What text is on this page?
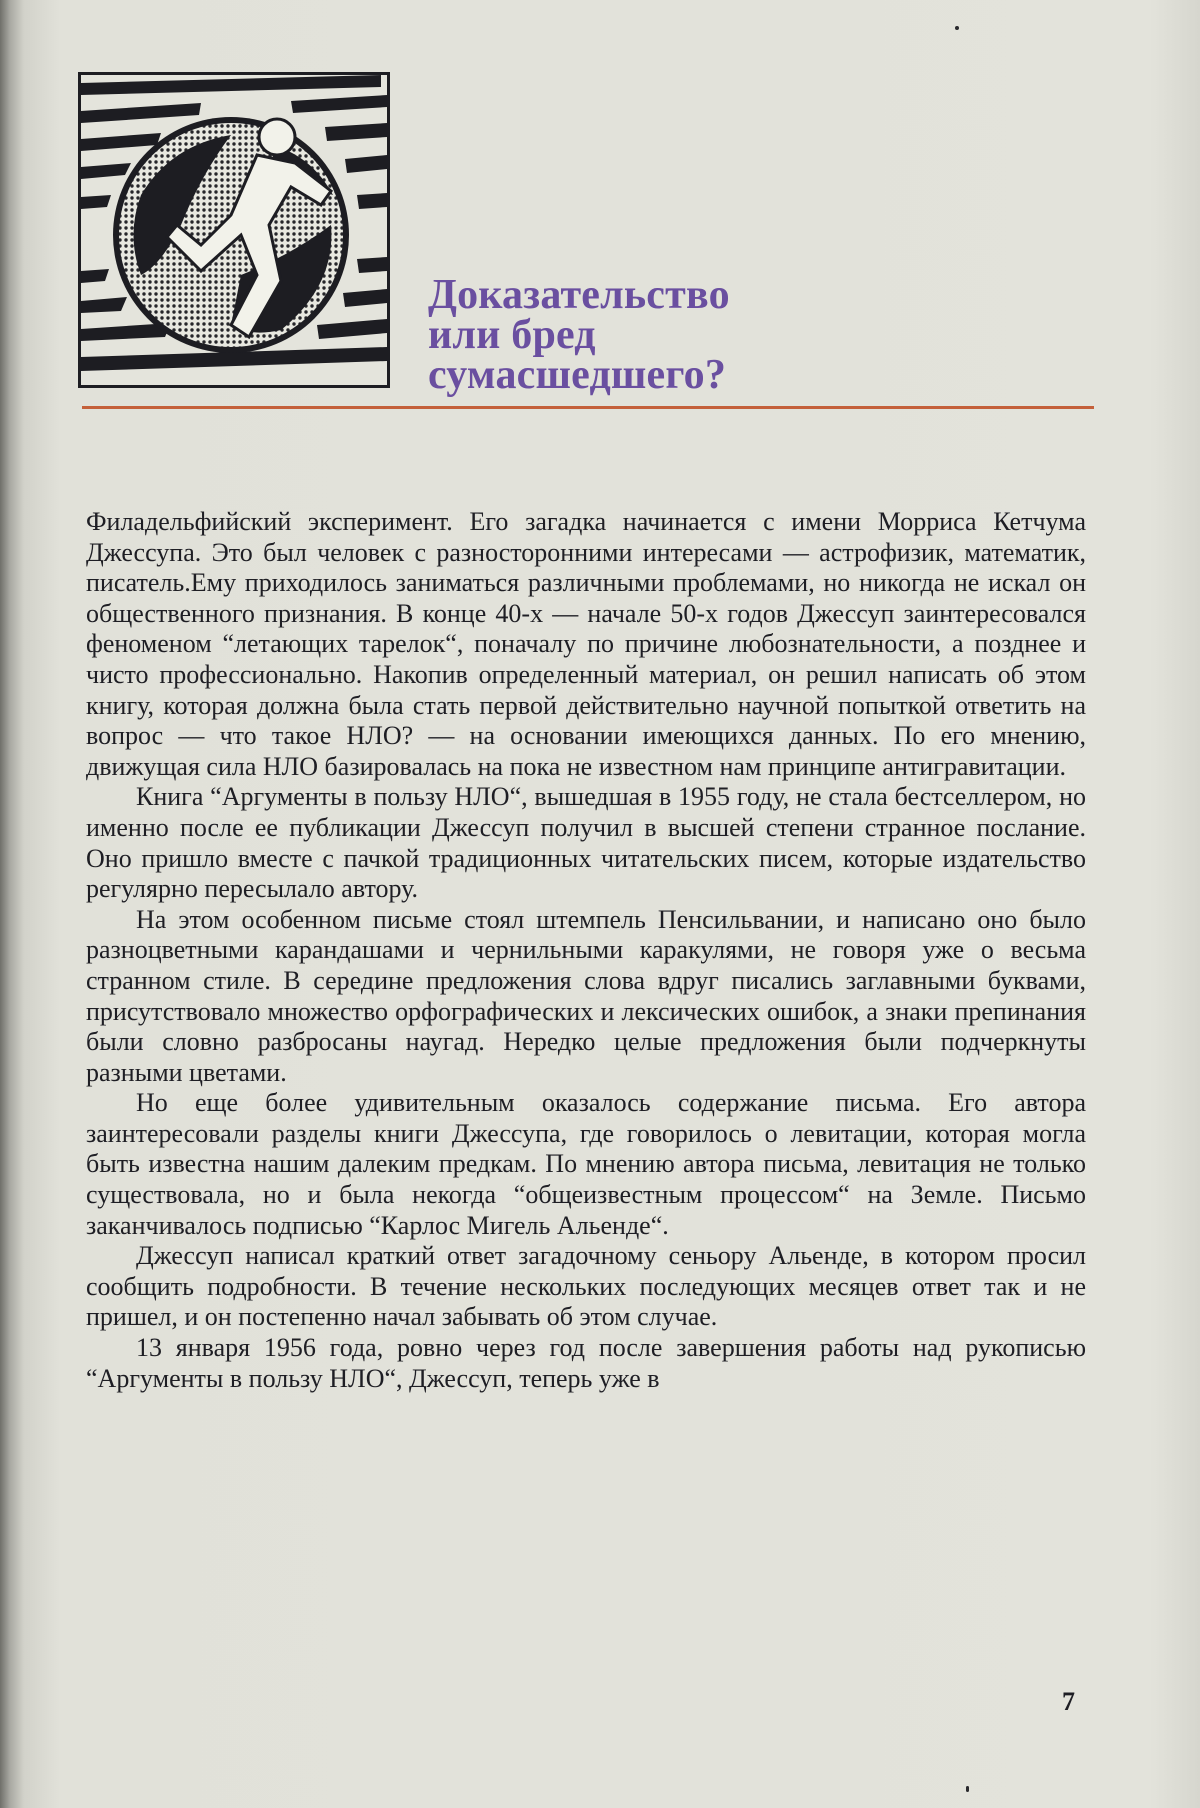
Доказательство
или бред
сумасшедшего?

Филадельфийский эксперимент. Его загадка начинается с имени Морриса Кетчума Джессупа. Это был человек с разносторонними интересами — астрофизик, математик, писатель.Ему приходилось заниматься различными проблемами, но никогда не искал он общественного признания. В конце 40-х — начале 50-х годов Джессуп заинтересовался феноменом “летающих тарелок“, поначалу по причине любознательности, а позднее и чисто профессионально. Накопив определенный материал, он решил написать об этом книгу, которая должна была стать первой действительно научной попыткой ответить на вопрос — что такое НЛО? — на основании имеющихся данных. По его мнению, движущая сила НЛО базировалась на пока не известном нам принципе антигравитации.

Книга “Аргументы в пользу НЛО“, вышедшая в 1955 году, не стала бестселлером, но именно после ее публикации Джессуп получил в высшей степени странное послание. Оно пришло вместе с пачкой традиционных читательских писем, которые издательство регулярно пересылало автору.

На этом особенном письме стоял штемпель Пенсильвании, и написано оно было разноцветными карандашами и чернильными каракулями, не говоря уже о весьма странном стиле. В середине предложения слова вдруг писались заглавными буквами, присутствовало множество орфографических и лексических ошибок, а знаки препинания были словно разбросаны наугад. Нередко целые предложения были подчеркнуты разными цветами.

Но еще более удивительным оказалось содержание письма. Его автора заинтересовали разделы книги Джессупа, где говорилось о левитации, которая могла быть известна нашим далеким предкам. По мнению автора письма, левитация не только существовала, но и была некогда “общеизвестным процессом“ на Земле. Письмо заканчивалось подписью “Карлос Мигель Альенде“.

Джессуп написал краткий ответ загадочному сеньору Альенде, в котором просил сообщить подробности. В течение нескольких последующих месяцев ответ так и не пришел, и он постепенно начал забывать об этом случае.

13 января 1956 года, ровно через год после завершения работы над рукописью “Аргументы в пользу НЛО“, Джессуп, теперь уже в

7
